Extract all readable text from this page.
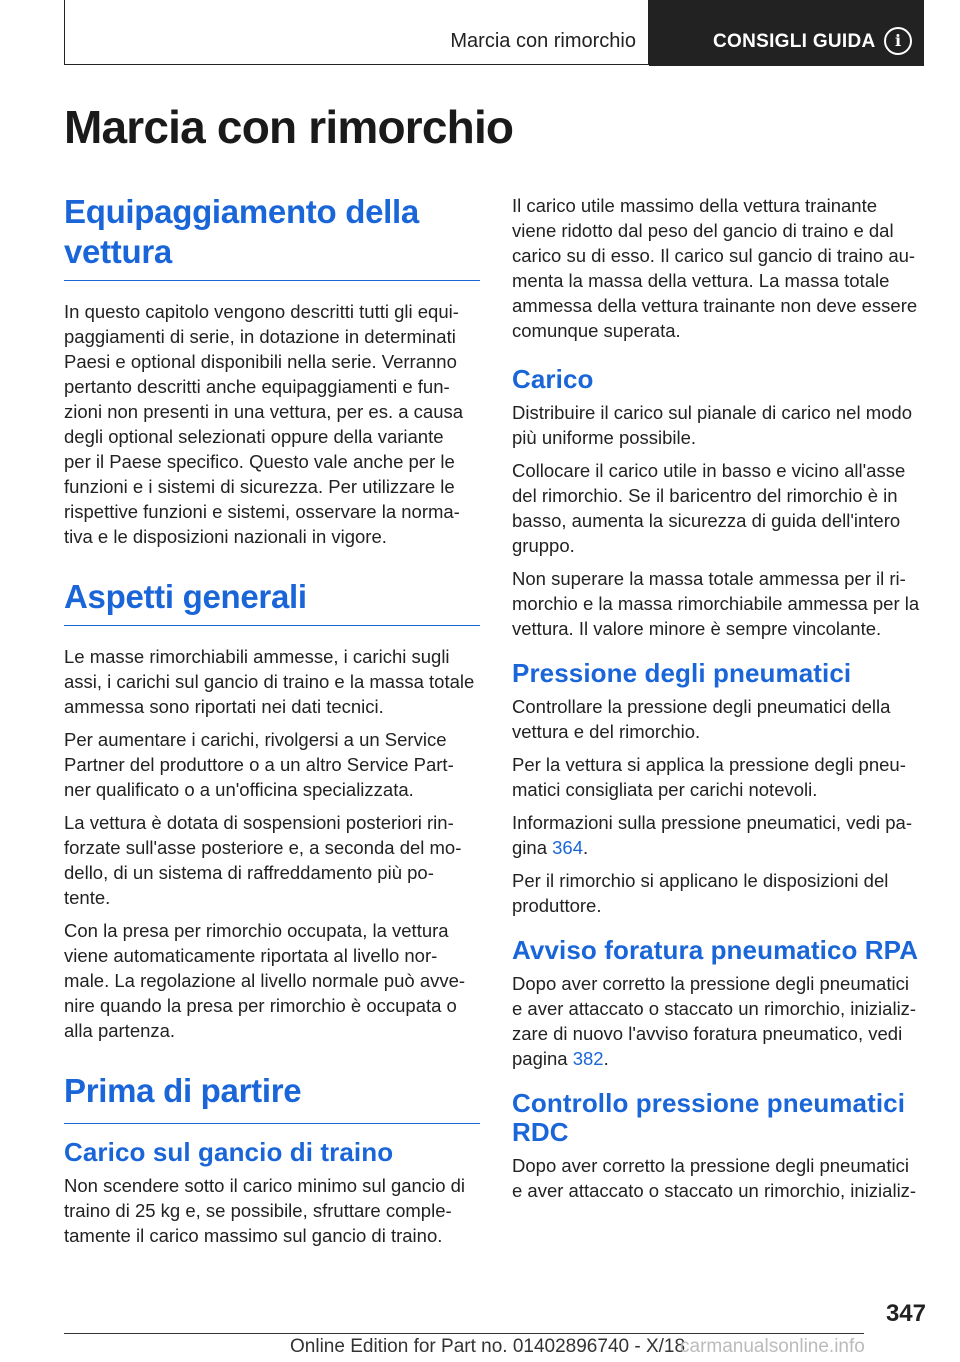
Marcia con rimorchio	CONSIGLI GUIDA	i
Marcia con rimorchio
Equipaggiamento della
vettura

In questo capitolo vengono descritti tutti gli equi-
paggiamenti di serie, in dotazione in determinati
Paesi e optional disponibili nella serie. Verranno
pertanto descritti anche equipaggiamenti e fun-
zioni non presenti in una vettura, per es. a causa
degli optional selezionati oppure della variante
per il Paese specifico. Questo vale anche per le
funzioni e i sistemi di sicurezza. Per utilizzare le
rispettive funzioni e sistemi, osservare la norma-
tiva e le disposizioni nazionali in vigore.

Aspetti generali

Le masse rimorchiabili ammesse, i carichi sugli
assi, i carichi sul gancio di traino e la massa totale
ammessa sono riportati nei dati tecnici.

Per aumentare i carichi, rivolgersi a un Service
Partner del produttore o a un altro Service Part-
ner qualificato o a un'officina specializzata.

La vettura è dotata di sospensioni posteriori rin-
forzate sull'asse posteriore e, a seconda del mo-
dello, di un sistema di raffreddamento più po-
tente.

Con la presa per rimorchio occupata, la vettura
viene automaticamente riportata al livello nor-
male. La regolazione al livello normale può avve-
nire quando la presa per rimorchio è occupata o
alla partenza.

Prima di partire
Carico sul gancio di traino

Non scendere sotto il carico minimo sul gancio di
traino di 25 kg e, se possibile, sfruttare comple-
tamente il carico massimo sul gancio di traino.

Il carico utile massimo della vettura trainante
viene ridotto dal peso del gancio di traino e dal
carico su di esso. Il carico sul gancio di traino au-
menta la massa della vettura. La massa totale
ammessa della vettura trainante non deve essere
comunque superata.

Carico

Distribuire il carico sul pianale di carico nel modo
più uniforme possibile.

Collocare il carico utile in basso e vicino all'asse
del rimorchio. Se il baricentro del rimorchio è in
basso, aumenta la sicurezza di guida dell'intero
gruppo.

Non superare la massa totale ammessa per il ri-
morchio e la massa rimorchiabile ammessa per la
vettura. Il valore minore è sempre vincolante.

Pressione degli pneumatici

Controllare la pressione degli pneumatici della
vettura e del rimorchio.

Per la vettura si applica la pressione degli pneu-
matici consigliata per carichi notevoli.

Informazioni sulla pressione pneumatici, vedi pa-
gina 364.

Per il rimorchio si applicano le disposizioni del
produttore.

Avviso foratura pneumatico RPA

Dopo aver corretto la pressione degli pneumatici
e aver attaccato o staccato un rimorchio, inizializ-
zare di nuovo l'avviso foratura pneumatico, vedi
pagina 382.

Controllo pressione pneumatici
RDC

Dopo aver corretto la pressione degli pneumatici
e aver attaccato o staccato un rimorchio, inizializ-

347
Online Edition for Part no. 01402896740 - X/18
carmanualsonline.info
